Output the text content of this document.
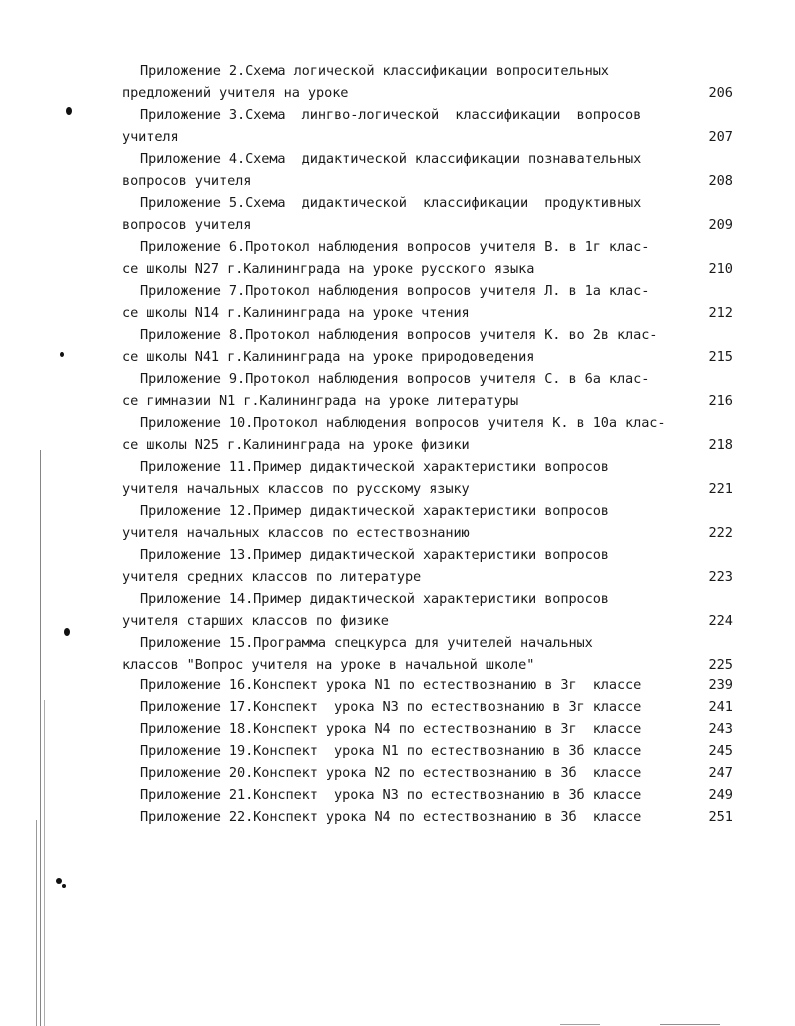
Приложение 2.Схема логической классификации вопросительных
предложений учителя на уроке	206
Приложение 3.Схема  лингво-логической  классификации  вопросов
учителя	207
Приложение 4.Схема  дидактической классификации познавательных
вопросов учителя	208
Приложение 5.Схема  дидактической  классификации  продуктивных
вопросов учителя	209
Приложение 6.Протокол наблюдения вопросов учителя В. в 1г клас-
се школы N27 г.Калининграда на уроке русского языка	210
Приложение 7.Протокол наблюдения вопросов учителя Л. в 1а клас-
се школы N14 г.Калининграда на уроке чтения	212
Приложение 8.Протокол наблюдения вопросов учителя К. во 2в клас-
се школы N41 г.Калининграда на уроке природоведения	215
Приложение 9.Протокол наблюдения вопросов учителя С. в 6а клас-
се гимназии N1 г.Калининграда на уроке литературы	216
Приложение 10.Протокол наблюдения вопросов учителя К. в 10а клас-
се школы N25 г.Калининграда на уроке физики	218
Приложение 11.Пример дидактической характеристики вопросов
учителя начальных классов по русскому языку	221
Приложение 12.Пример дидактической характеристики вопросов
учителя начальных классов по естествознанию	222
Приложение 13.Пример дидактической характеристики вопросов
учителя средних классов по литературе	223
Приложение 14.Пример дидактической характеристики вопросов
учителя старших классов по физике	224
Приложение 15.Программа спецкурса для учителей начальных
классов "Вопрос учителя на уроке в начальной школе"	225
Приложение 16.Конспект урока N1 по естествознанию в 3г  классе	239
Приложение 17.Конспект  урока N3 по естествознанию в 3г классе	241
Приложение 18.Конспект урока N4 по естествознанию в 3г  классе	243
Приложение 19.Конспект  урока N1 по естествознанию в 3б классе	245
Приложение 20.Конспект урока N2 по естествознанию в 3б  классе	247
Приложение 21.Конспект  урока N3 по естествознанию в 3б классе	249
Приложение 22.Конспект урока N4 по естествознанию в 3б  классе	251
